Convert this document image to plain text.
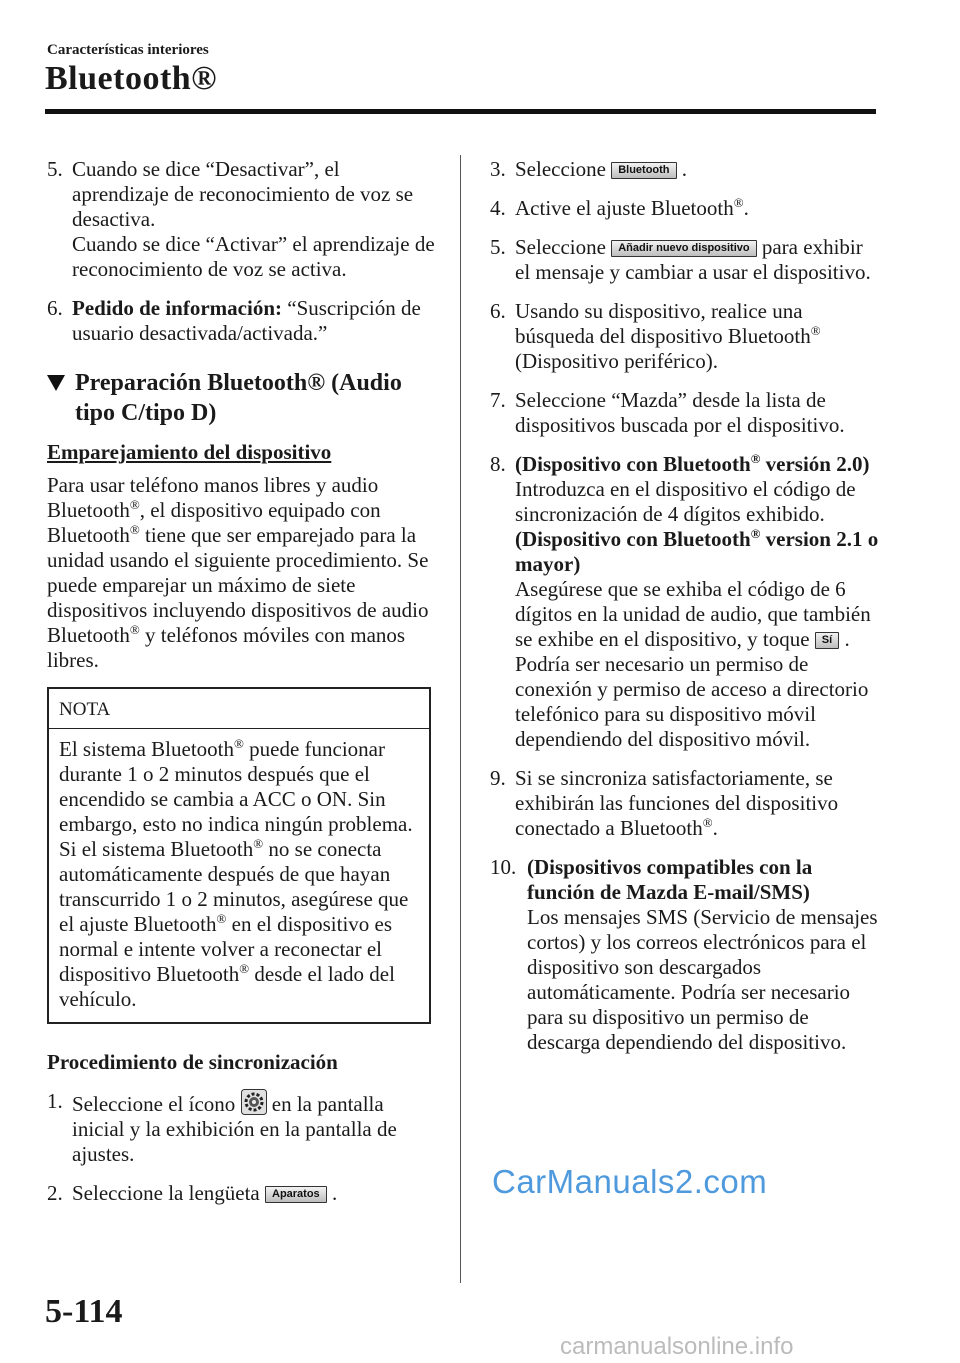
Características interiores
Bluetooth®
5. Cuando se dice “Desactivar”, el aprendizaje de reconocimiento de voz se desactiva.
Cuando se dice “Activar” el aprendizaje de reconocimiento de voz se activa.
6. Pedido de información: “Suscripción de usuario desactivada/activada.”
Preparación Bluetooth® (Audio tipo C/tipo D)
Emparejamiento del dispositivo
Para usar teléfono manos libres y audio Bluetooth®, el dispositivo equipado con Bluetooth® tiene que ser emparejado para la unidad usando el siguiente procedimiento. Se puede emparejar un máximo de siete dispositivos incluyendo dispositivos de audio Bluetooth® y teléfonos móviles con manos libres.
NOTA
El sistema Bluetooth® puede funcionar durante 1 o 2 minutos después que el encendido se cambia a ACC o ON. Sin embargo, esto no indica ningún problema. Si el sistema Bluetooth® no se conecta automáticamente después de que hayan transcurrido 1 o 2 minutos, asegúrese que el ajuste Bluetooth® en el dispositivo es normal e intente volver a reconectar el dispositivo Bluetooth® desde el lado del vehículo.
Procedimiento de sincronización
1. Seleccione el ícono  en la pantalla inicial y la exhibición en la pantalla de ajustes.
2. Seleccione la lengüeta Aparatos .
3. Seleccione Bluetooth .
4. Active el ajuste Bluetooth®.
5. Seleccione Añadir nuevo dispositivo para exhibir el mensaje y cambiar a usar el dispositivo.
6. Usando su dispositivo, realice una búsqueda del dispositivo Bluetooth® (Dispositivo periférico).
7. Seleccione “Mazda” desde la lista de dispositivos buscada por el dispositivo.
8. (Dispositivo con Bluetooth® versión 2.0)
Introduzca en el dispositivo el código de sincronización de 4 dígitos exhibido.
(Dispositivo con Bluetooth® version 2.1 o mayor)
Asegúrese que se exhiba el código de 6 dígitos en la unidad de audio, que también se exhibe en el dispositivo, y toque Sí .
Podría ser necesario un permiso de conexión y permiso de acceso a directorio telefónico para su dispositivo móvil dependiendo del dispositivo móvil.
9. Si se sincroniza satisfactoriamente, se exhibirán las funciones del dispositivo conectado a Bluetooth®.
10. (Dispositivos compatibles con la función de Mazda E-mail/SMS)
Los mensajes SMS (Servicio de mensajes cortos) y los correos electrónicos para el dispositivo son descargados automáticamente. Podría ser necesario para su dispositivo un permiso de descarga dependiendo del dispositivo.
5-114
CarManuals2.com
carmanualsonline.info
